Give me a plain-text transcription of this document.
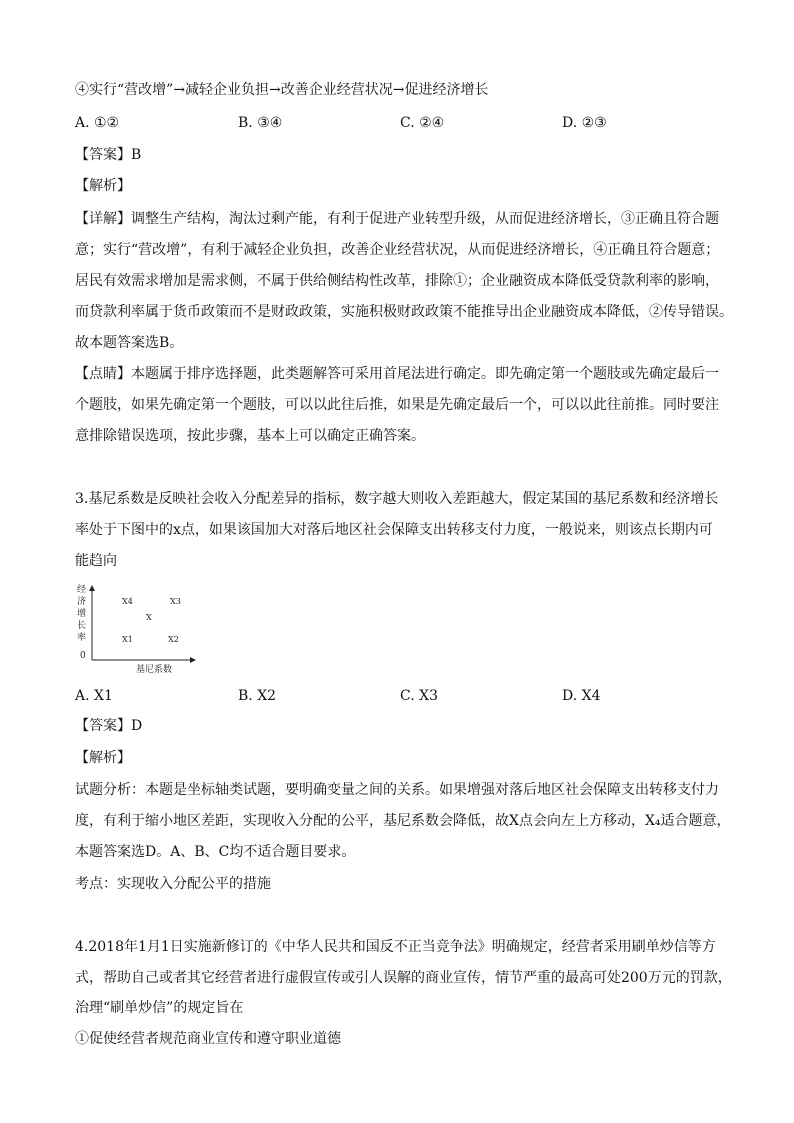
④实行“营改增”→减轻企业负担→改善企业经营状况→促进经济增长
A. ①②	B. ③④	C. ②④	D. ②③
【答案】B
【解析】
【详解】调整生产结构，淘汰过剩产能，有利于促进产业转型升级，从而促进经济增长，③正确且符合题
意；实行“营改增”，有利于减轻企业负担，改善企业经营状况，从而促进经济增长，④正确且符合题意；
居民有效需求增加是需求侧，不属于供给侧结构性改革，排除①；企业融资成本降低受贷款利率的影响，
而贷款利率属于货币政策而不是财政政策，实施积极财政政策不能推导出企业融资成本降低，②传导错误。
故本题答案选B。
【点睛】本题属于排序选择题，此类题解答可采用首尾法进行确定。即先确定第一个题肢或先确定最后一
个题肢，如果先确定第一个题肢，可以以此往后推，如果是先确定最后一个，可以以此往前推。同时要注
意排除错误选项，按此步骤，基本上可以确定正确答案。
3.基尼系数是反映社会收入分配差异的指标，数字越大则收入差距越大，假定某国的基尼系数和经济增长
率处于下图中的x点，如果该国加大对落后地区社会保障支出转移支付力度，一般说来，则该点长期内可
能趋向
经
济
增
长
率
0
X4	X3
X
X1	X2
基尼系数
A. X1	B. X2	C. X3	D. X4
【答案】D
【解析】
试题分析：本题是坐标轴类试题，要明确变量之间的关系。如果增强对落后地区社会保障支出转移支付力
度，有利于缩小地区差距，实现收入分配的公平，基尼系数会降低，故X点会向左上方移动，X₄适合题意，
本题答案选D。A、B、C均不适合题目要求。
考点：实现收入分配公平的措施
4.2018年1月1日实施新修订的《中华人民共和国反不正当竞争法》明确规定，经营者采用刷单炒信等方
式，帮助自己或者其它经营者进行虚假宣传或引人误解的商业宣传，情节严重的最高可处200万元的罚款，
治理“刷单炒信”的规定旨在
①促使经营者规范商业宣传和遵守职业道德
